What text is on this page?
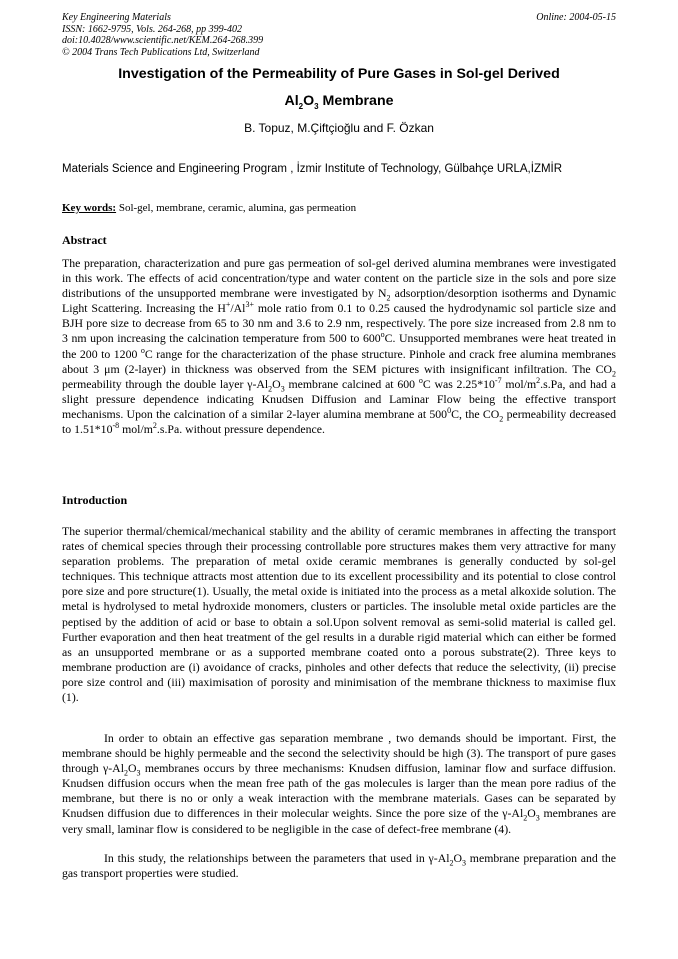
Key Engineering Materials
ISSN: 1662-9795, Vols. 264-268, pp 399-402
doi:10.4028/www.scientific.net/KEM.264-268.399
© 2004 Trans Tech Publications Ltd, Switzerland
Online: 2004-05-15
Investigation of the Permeability of Pure Gases in Sol-gel Derived
$Al_2O_3$ Membrane
B. Topuz, M.Çiftçioğlu and F. Özkan
Materials Science and Engineering Program , İzmir Institute of Technology, Gülbahçe URLA,İZMİR
Key words: Sol-gel, membrane, ceramic, alumina, gas permeation
Abstract
The preparation, characterization and pure gas permeation of sol-gel derived alumina membranes were investigated in this work. The effects of acid concentration/type and water content on the particle size in the sols and pore size distributions of the unsupported membrane were investigated by $N_2$ adsorption/desorption isotherms and Dynamic Light Scattering. Increasing the $H^+/Al^{3+}$ mole ratio from 0.1 to 0.25 caused the hydrodynamic sol particle size and BJH pore size to decrease from 65 to 30 nm and 3.6 to 2.9 nm, respectively. The pore size increased from 2.8 nm to 3 nm upon increasing the calcination temperature from 500 to 600$^o$C. Unsupported membranes were heat treated in the 200 to 1200 $^o$C range for the characterization of the phase structure. Pinhole and crack free alumina membranes about 3 μm (2-layer) in thickness was observed from the SEM pictures with insignificant infiltration. The $CO_2$ permeability through the double layer $\gamma-Al_2O_3$ membrane calcined at 600 $^o$C was $2.25*10^{-7}$ mol/$m^2.s.Pa$, and had a slight pressure dependence indicating Knudsen Diffusion and Laminar Flow being the effective transport mechanisms. Upon the calcination of a similar 2-layer alumina membrane at $500^0C$, the $CO_2$ permeability decreased to $1.51*10^{-8}$ mol/$m^2.s.Pa$. without pressure dependence.
Introduction
The superior thermal/chemical/mechanical stability and the ability of ceramic membranes in affecting the transport rates of chemical species through their processing controllable pore structures makes them very attractive for many separation problems. The preparation of metal oxide ceramic membranes is generally conducted by sol-gel techniques. This technique attracts most attention due to its excellent processibility and its potential to close control pore size and pore structure(1). Usually, the metal oxide is initiated into the process as a metal alkoxide solution. The metal is hydrolysed to metal hydroxide monomers, clusters or particles. The insoluble metal oxide particles are the peptised by the addition of acid or base to obtain a sol.Upon solvent removal as semi-solid material is called gel. Further evaporation and then heat treatment of the gel results in a durable rigid material which can either be formed as an unsupported membrane or as a supported membrane coated onto a porous substrate(2). Three keys to membrane production are (i) avoidance of cracks, pinholes and other defects that reduce the selectivity, (ii) precise pore size control and (iii) maximisation of porosity and minimisation of the membrane thickness to maximise flux (1).
In order to obtain an effective gas separation membrane , two demands should be important. First, the membrane should be highly permeable and the second the selectivity should be high (3). The transport of pure gases through $\gamma-Al_2O_3$ membranes occurs by three mechanisms: Knudsen diffusion, laminar flow and surface diffusion. Knudsen diffusion occurs when the mean free path of the gas molecules is larger than the mean pore radius of the membrane, but there is no or only a weak interaction with the membrane materials. Gases can be separated by Knudsen diffusion due to differences in their molecular weights. Since the pore size of the $\gamma-Al_2O_3$ membranes are very small, laminar flow is considered to be negligible in the case of defect-free membrane (4).
In this study, the relationships between the parameters that used in $\gamma-Al_2O_3$ membrane preparation and the gas transport properties were studied.
